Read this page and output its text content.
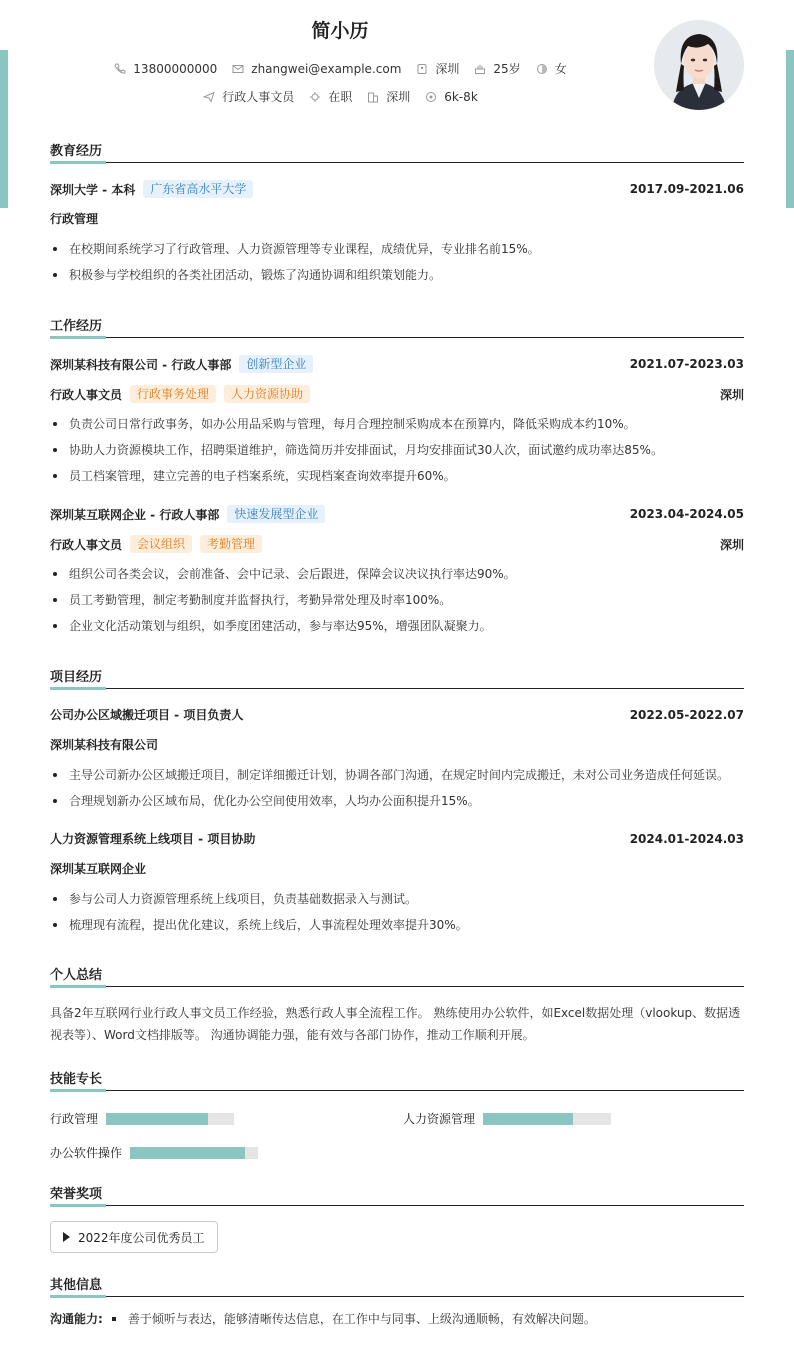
简小历
13800000000	zhangwei@example.com	深圳	25岁	女
行政人事文员	在职	深圳	6k-8k
教育经历
深圳大学 - 本科	广东省高水平大学	2017.09-2021.06
行政管理
在校期间系统学习了行政管理、人力资源管理等专业课程，成绩优异，专业排名前15%。
积极参与学校组织的各类社团活动，锻炼了沟通协调和组织策划能力。
工作经历
深圳某科技有限公司 - 行政人事部	创新型企业	2021.07-2023.03
行政人事文员	行政事务处理	人力资源协助	深圳
负责公司日常行政事务，如办公用品采购与管理，每月合理控制采购成本在预算内，降低采购成本约10%。
协助人力资源模块工作，招聘渠道维护，筛选简历并安排面试，月均安排面试30人次，面试邀约成功率达85%。
员工档案管理，建立完善的电子档案系统，实现档案查询效率提升60%。
深圳某互联网企业 - 行政人事部	快速发展型企业	2023.04-2024.05
行政人事文员	会议组织	考勤管理	深圳
组织公司各类会议，会前准备、会中记录、会后跟进，保障会议决议执行率达90%。
员工考勤管理，制定考勤制度并监督执行，考勤异常处理及时率100%。
企业文化活动策划与组织，如季度团建活动，参与率达95%，增强团队凝聚力。
项目经历
公司办公区域搬迁项目 - 项目负责人	2022.05-2022.07
深圳某科技有限公司
主导公司新办公区域搬迁项目，制定详细搬迁计划，协调各部门沟通，在规定时间内完成搬迁，未对公司业务造成任何延误。
合理规划新办公区域布局，优化办公空间使用效率，人均办公面积提升15%。
人力资源管理系统上线项目 - 项目协助	2024.01-2024.03
深圳某互联网企业
参与公司人力资源管理系统上线项目，负责基础数据录入与测试。
梳理现有流程，提出优化建议，系统上线后，人事流程处理效率提升30%。
个人总结
具备2年互联网行业行政人事文员工作经验，熟悉行政人事全流程工作。 熟练使用办公软件，如Excel数据处理（vlookup、数据透
视表等）、Word文档排版等。 沟通协调能力强，能有效与各部门协作，推动工作顺利开展。
技能专长
行政管理	人力资源管理
办公软件操作
荣誉奖项
2022年度公司优秀员工
其他信息
沟通能力: 善于倾听与表达，能够清晰传达信息，在工作中与同事、上级沟通顺畅，有效解决问题。
